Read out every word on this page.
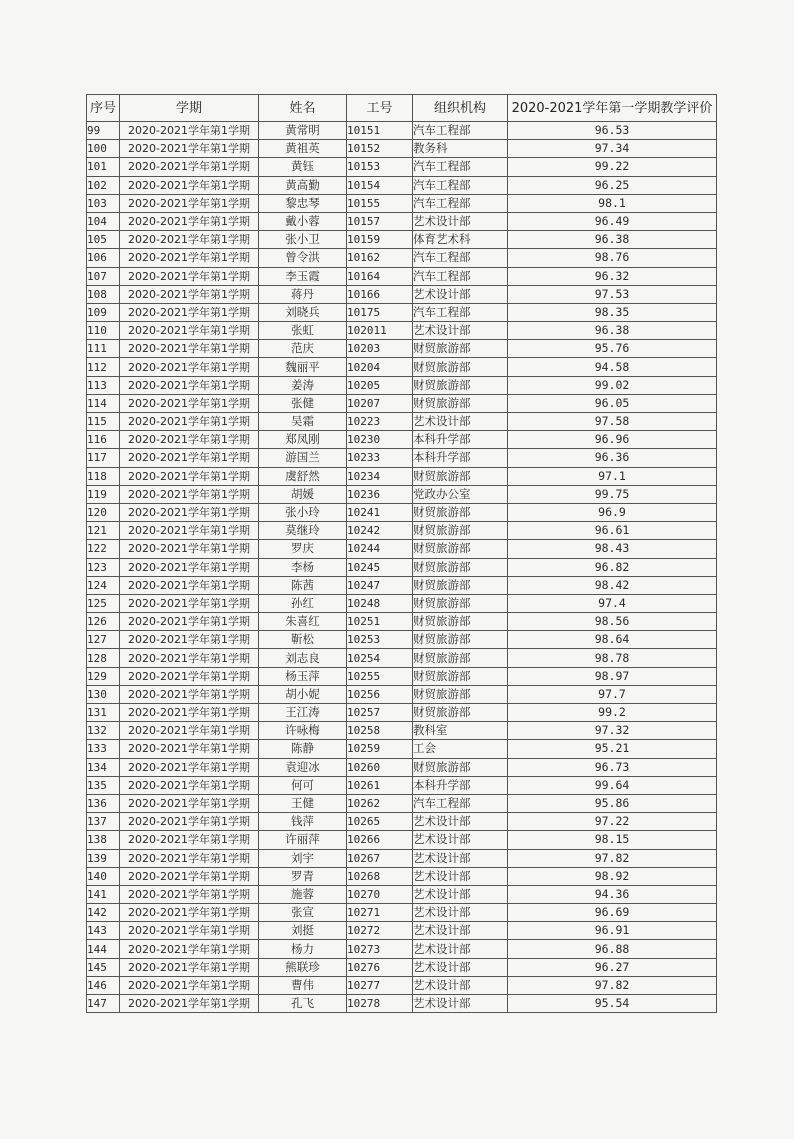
序号	学期	姓名	工号	组织机构	2020-2021学年第一学期教学评价
99	2020-2021学年第1学期	黄常明	10151	汽车工程部	96.53
100	2020-2021学年第1学期	黄祖英	10152	教务科	97.34
101	2020-2021学年第1学期	黄钰	10153	汽车工程部	99.22
102	2020-2021学年第1学期	黄高勤	10154	汽车工程部	96.25
103	2020-2021学年第1学期	黎忠琴	10155	汽车工程部	98.1
104	2020-2021学年第1学期	戴小蓉	10157	艺术设计部	96.49
105	2020-2021学年第1学期	张小卫	10159	体育艺术科	96.38
106	2020-2021学年第1学期	曾令洪	10162	汽车工程部	98.76
107	2020-2021学年第1学期	李玉霞	10164	汽车工程部	96.32
108	2020-2021学年第1学期	蒋丹	10166	艺术设计部	97.53
109	2020-2021学年第1学期	刘晓兵	10175	汽车工程部	98.35
110	2020-2021学年第1学期	张虹	102011	艺术设计部	96.38
111	2020-2021学年第1学期	范庆	10203	财贸旅游部	95.76
112	2020-2021学年第1学期	魏丽平	10204	财贸旅游部	94.58
113	2020-2021学年第1学期	姜涛	10205	财贸旅游部	99.02
114	2020-2021学年第1学期	张健	10207	财贸旅游部	96.05
115	2020-2021学年第1学期	吴霜	10223	艺术设计部	97.58
116	2020-2021学年第1学期	郑凤刚	10230	本科升学部	96.96
117	2020-2021学年第1学期	游国兰	10233	本科升学部	96.36
118	2020-2021学年第1学期	虞舒然	10234	财贸旅游部	97.1
119	2020-2021学年第1学期	胡媛	10236	党政办公室	99.75
120	2020-2021学年第1学期	张小玲	10241	财贸旅游部	96.9
121	2020-2021学年第1学期	莫继玲	10242	财贸旅游部	96.61
122	2020-2021学年第1学期	罗庆	10244	财贸旅游部	98.43
123	2020-2021学年第1学期	李杨	10245	财贸旅游部	96.82
124	2020-2021学年第1学期	陈茜	10247	财贸旅游部	98.42
125	2020-2021学年第1学期	孙红	10248	财贸旅游部	97.4
126	2020-2021学年第1学期	朱喜红	10251	财贸旅游部	98.56
127	2020-2021学年第1学期	靳松	10253	财贸旅游部	98.64
128	2020-2021学年第1学期	刘志良	10254	财贸旅游部	98.78
129	2020-2021学年第1学期	杨玉萍	10255	财贸旅游部	98.97
130	2020-2021学年第1学期	胡小妮	10256	财贸旅游部	97.7
131	2020-2021学年第1学期	王江涛	10257	财贸旅游部	99.2
132	2020-2021学年第1学期	许咏梅	10258	教科室	97.32
133	2020-2021学年第1学期	陈静	10259	工会	95.21
134	2020-2021学年第1学期	袁迎冰	10260	财贸旅游部	96.73
135	2020-2021学年第1学期	何可	10261	本科升学部	99.64
136	2020-2021学年第1学期	王健	10262	汽车工程部	95.86
137	2020-2021学年第1学期	钱萍	10265	艺术设计部	97.22
138	2020-2021学年第1学期	许丽萍	10266	艺术设计部	98.15
139	2020-2021学年第1学期	刘宇	10267	艺术设计部	97.82
140	2020-2021学年第1学期	罗青	10268	艺术设计部	98.92
141	2020-2021学年第1学期	施蓉	10270	艺术设计部	94.36
142	2020-2021学年第1学期	张宣	10271	艺术设计部	96.69
143	2020-2021学年第1学期	刘挺	10272	艺术设计部	96.91
144	2020-2021学年第1学期	杨力	10273	艺术设计部	96.88
145	2020-2021学年第1学期	熊联珍	10276	艺术设计部	96.27
146	2020-2021学年第1学期	曹伟	10277	艺术设计部	97.82
147	2020-2021学年第1学期	孔飞	10278	艺术设计部	95.54
